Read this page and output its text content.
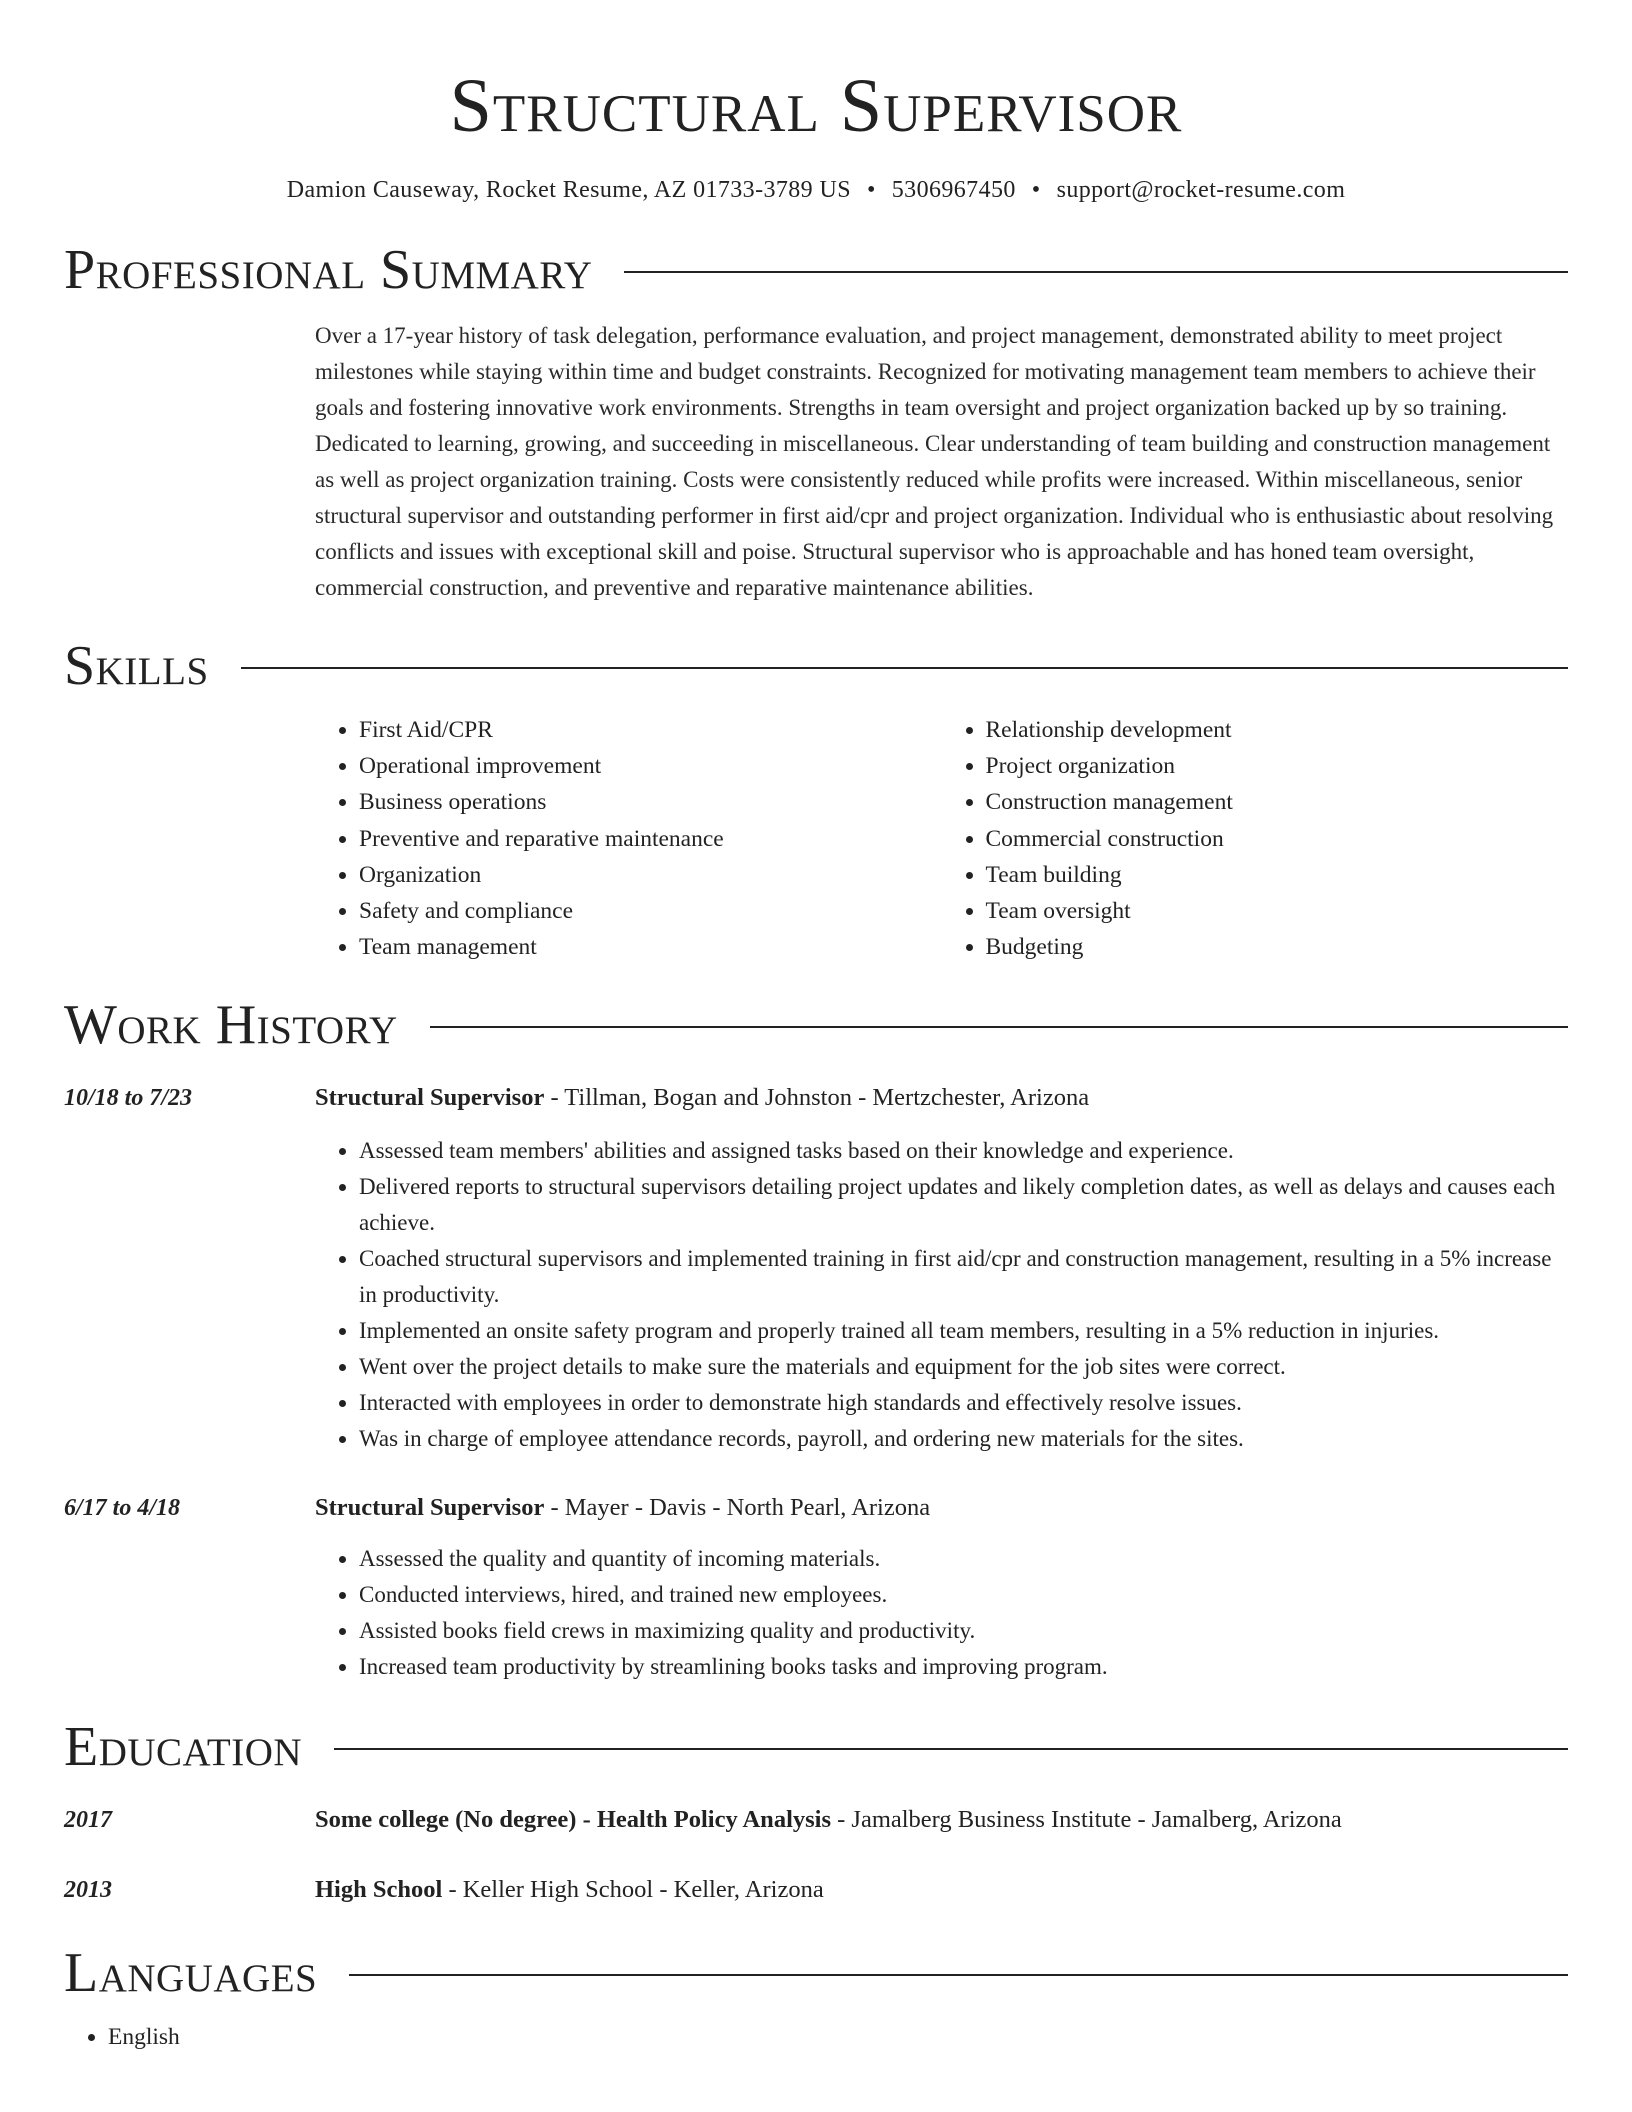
Structural Supervisor
Damion Causeway, Rocket Resume, AZ 01733-3789 US • 5306967450 • support@rocket-resume.com
Professional Summary
Over a 17-year history of task delegation, performance evaluation, and project management, demonstrated ability to meet project milestones while staying within time and budget constraints. Recognized for motivating management team members to achieve their goals and fostering innovative work environments. Strengths in team oversight and project organization backed up by so training. Dedicated to learning, growing, and succeeding in miscellaneous. Clear understanding of team building and construction management as well as project organization training. Costs were consistently reduced while profits were increased. Within miscellaneous, senior structural supervisor and outstanding performer in first aid/cpr and project organization. Individual who is enthusiastic about resolving conflicts and issues with exceptional skill and poise. Structural supervisor who is approachable and has honed team oversight, commercial construction, and preventive and reparative maintenance abilities.
Skills
• First Aid/CPR
• Operational improvement
• Business operations
• Preventive and reparative maintenance
• Organization
• Safety and compliance
• Team management
• Relationship development
• Project organization
• Construction management
• Commercial construction
• Team building
• Team oversight
• Budgeting
Work History
10/18 to 7/23	Structural Supervisor - Tillman, Bogan and Johnston - Mertzchester, Arizona
• Assessed team members' abilities and assigned tasks based on their knowledge and experience.
• Delivered reports to structural supervisors detailing project updates and likely completion dates, as well as delays and causes each achieve.
• Coached structural supervisors and implemented training in first aid/cpr and construction management, resulting in a 5% increase in productivity.
• Implemented an onsite safety program and properly trained all team members, resulting in a 5% reduction in injuries.
• Went over the project details to make sure the materials and equipment for the job sites were correct.
• Interacted with employees in order to demonstrate high standards and effectively resolve issues.
• Was in charge of employee attendance records, payroll, and ordering new materials for the sites.
6/17 to 4/18	Structural Supervisor - Mayer - Davis - North Pearl, Arizona
• Assessed the quality and quantity of incoming materials.
• Conducted interviews, hired, and trained new employees.
• Assisted books field crews in maximizing quality and productivity.
• Increased team productivity by streamlining books tasks and improving program.
Education
2017	Some college (No degree) - Health Policy Analysis - Jamalberg Business Institute - Jamalberg, Arizona
2013	High School - Keller High School - Keller, Arizona
Languages
• English
